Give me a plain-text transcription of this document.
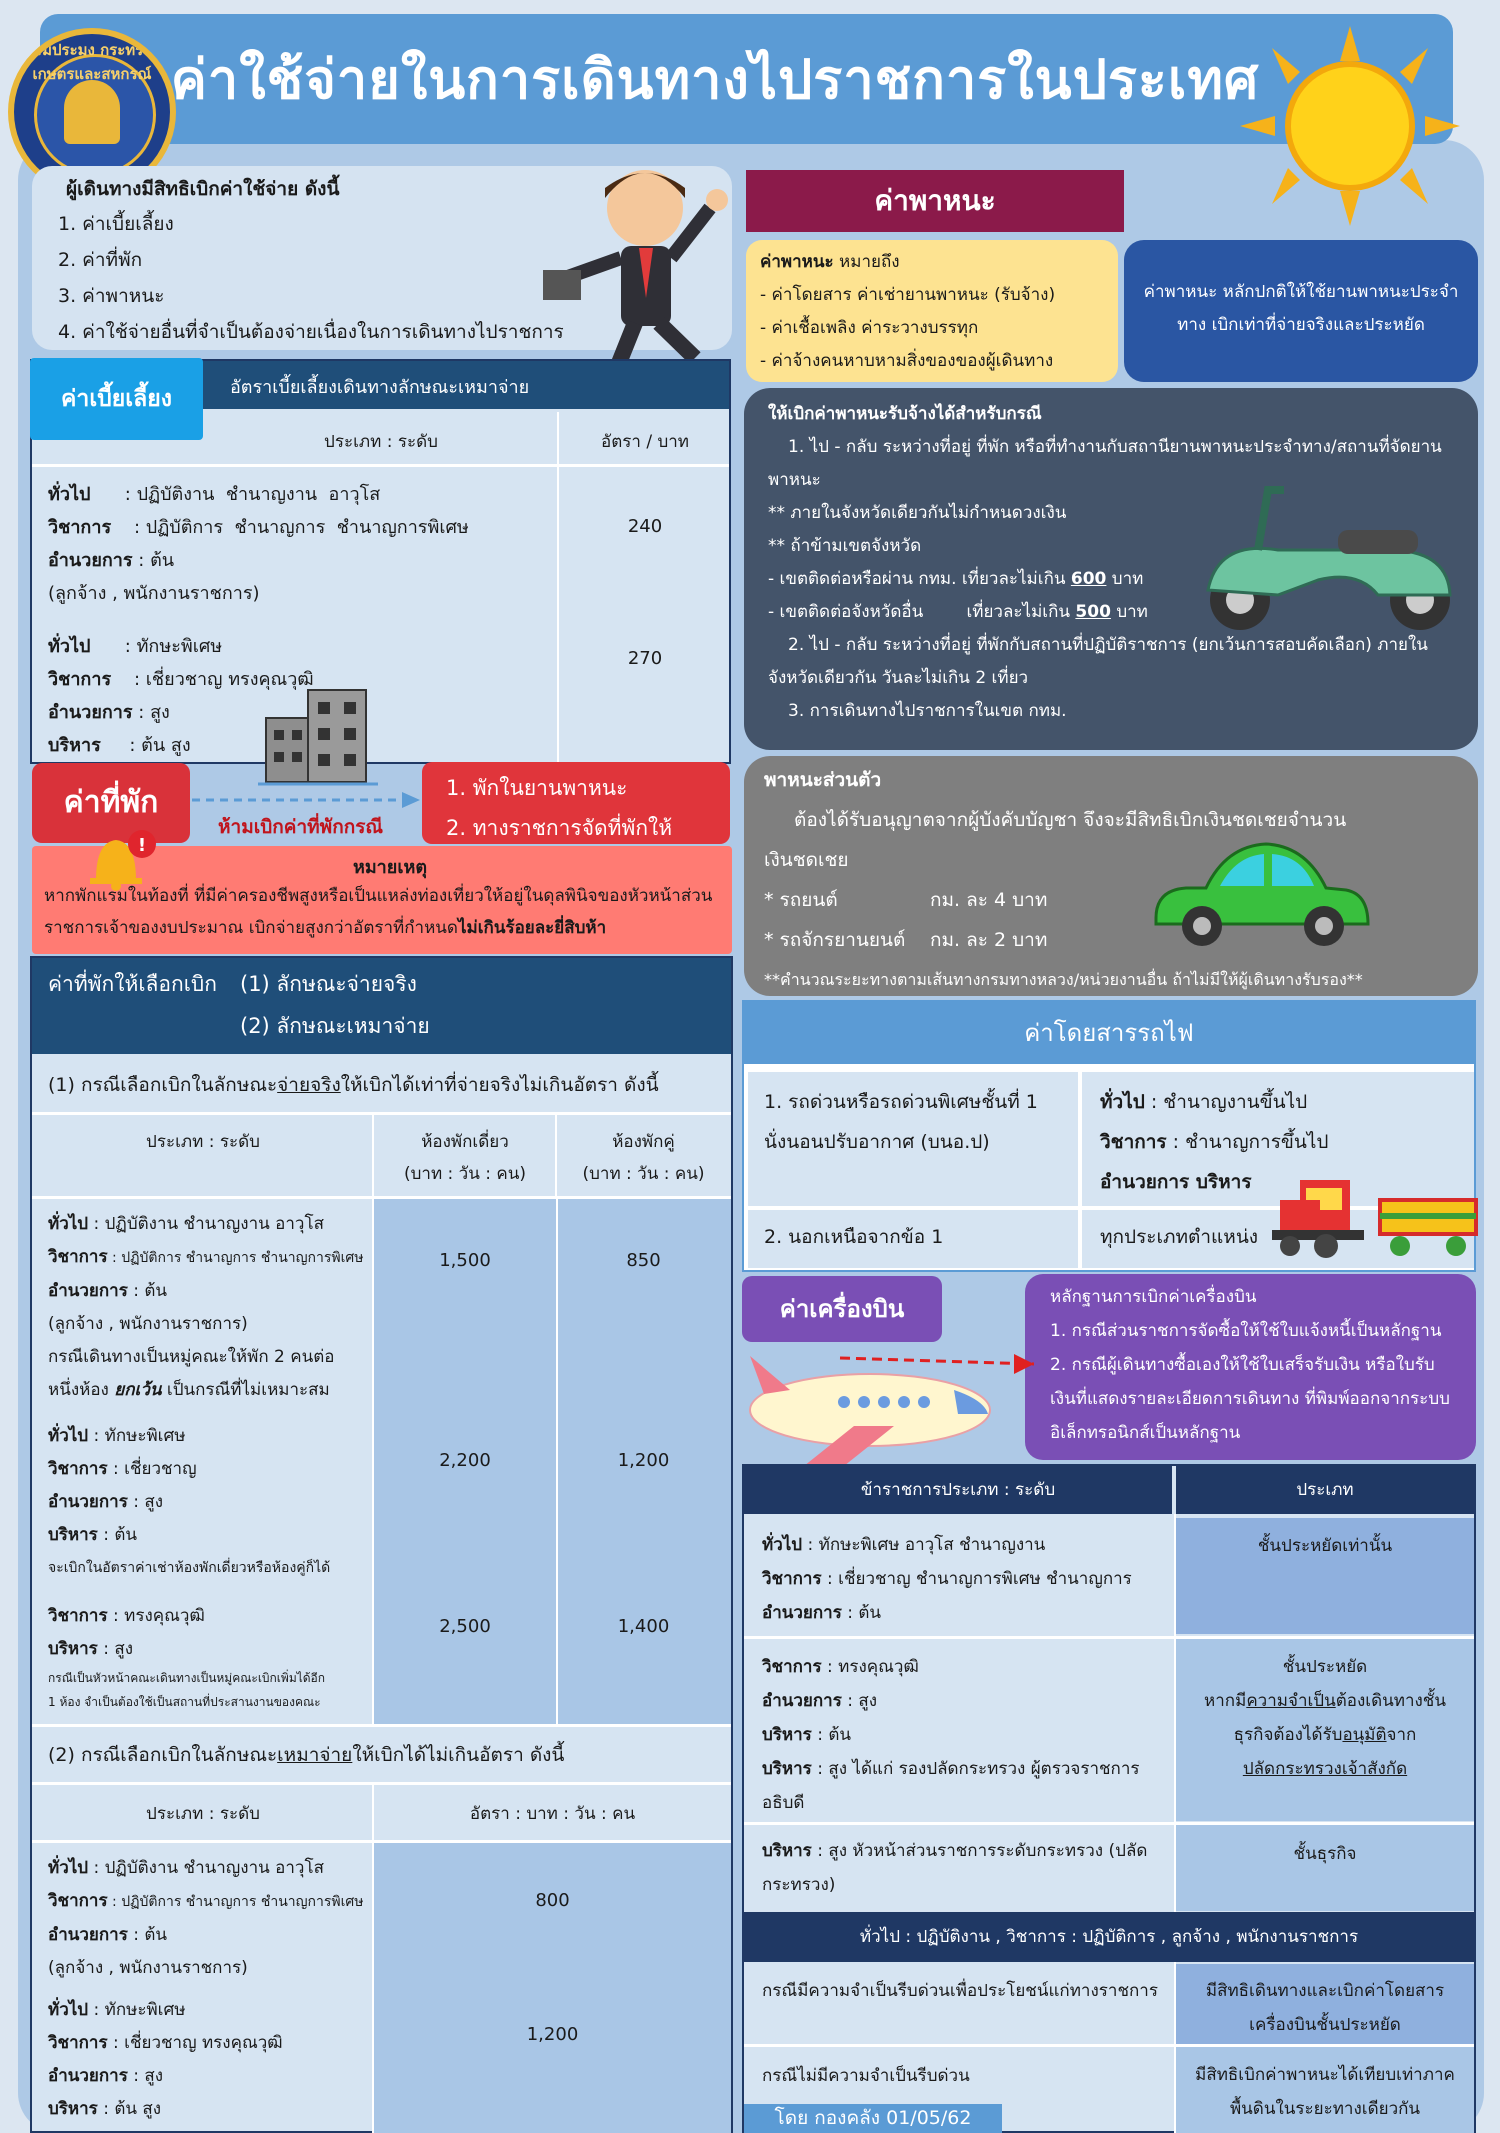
ค่าใช้จ่ายในการเดินทางไปราชการในประเทศ
กรมประมง กระทรวงเกษตรและสหกรณ์
ผู้เดินทางมีสิทธิเบิกค่าใช้จ่าย ดังนี้
1. ค่าเบี้ยเลี้ยง
2. ค่าที่พัก
3. ค่าพาหนะ
4. ค่าใช้จ่ายอื่นที่จำเป็นต้องจ่ายเนื่องในการเดินทางไปราชการ
ค่าเบี้ยเลี้ยง	อัตราเบี้ยเลี้ยงเดินทางลักษณะเหมาจ่าย
ประเภท : ระดับ	อัตรา / บาท
ทั่วไป      : ปฏิบัติงาน  ชำนาญงาน  อาวุโส
วิชาการ    : ปฏิบัติการ  ชำนาญการ  ชำนาญการพิเศษ
อำนวยการ : ต้น
(ลูกจ้าง , พนักงานราชการ)
240
ทั่วไป      : ทักษะพิเศษ
วิชาการ    : เชี่ยวชาญ ทรงคุณวุฒิ
อำนวยการ : สูง
บริหาร     : ต้น สูง
270
ค่าที่พัก
ห้ามเบิกค่าที่พักกรณี
1. พักในยานพาหนะ
2. ทางราชการจัดที่พักให้
!
หมายเหตุ
หากพักแรมในท้องที่ ที่มีค่าครองชีพสูงหรือเป็นแหล่งท่องเที่ยวให้อยู่ในดุลพินิจของหัวหน้าส่วนราชการเจ้าของงบประมาณ เบิกจ่ายสูงกว่าอัตราที่กำหนดไม่เกินร้อยละยี่สิบห้า
ค่าที่พักให้เลือกเบิก (1) ลักษณะจ่ายจริง
(2) ลักษณะเหมาจ่าย
(1) กรณีเลือกเบิกในลักษณะจ่ายจริงให้เบิกได้เท่าที่จ่ายจริงไม่เกินอัตรา ดังนี้
ประเภท : ระดับ	ห้องพักเดี่ยว
(บาท : วัน : คน)
ห้องพักคู่
(บาท : วัน : คน)
ทั่วไป : ปฏิบัติงาน ชำนาญงาน อาวุโส
วิชาการ : ปฏิบัติการ ชำนาญการ ชำนาญการพิเศษ
อำนวยการ : ต้น
(ลูกจ้าง , พนักงานราชการ)
กรณีเดินทางเป็นหมู่คณะให้พัก 2 คนต่อ
หนึ่งห้อง ยกเว้น เป็นกรณีที่ไม่เหมาะสม
1,500	850
ทั่วไป : ทักษะพิเศษ
วิชาการ : เชี่ยวชาญ
อำนวยการ : สูง
บริหาร : ต้น
จะเบิกในอัตราค่าเช่าห้องพักเดี่ยวหรือห้องคู่ก็ได้
2,200	1,200
วิชาการ : ทรงคุณวุฒิ
บริหาร : สูง
กรณีเป็นหัวหน้าคณะเดินทางเป็นหมู่คณะเบิกเพิ่มได้อีก
1 ห้อง จำเป็นต้องใช้เป็นสถานที่ประสานงานของคณะ
2,500	1,400
(2) กรณีเลือกเบิกในลักษณะเหมาจ่ายให้เบิกได้ไม่เกินอัตรา ดังนี้
ประเภท : ระดับ	อัตรา : บาท : วัน : คน
ทั่วไป : ปฏิบัติงาน ชำนาญงาน อาวุโส
วิชาการ : ปฏิบัติการ ชำนาญการ ชำนาญการพิเศษ
อำนวยการ : ต้น
(ลูกจ้าง , พนักงานราชการ)
800
ทั่วไป : ทักษะพิเศษ
วิชาการ : เชี่ยวชาญ ทรงคุณวุฒิ
อำนวยการ : สูง
บริหาร : ต้น สูง
1,200
ค่าพาหนะ
ค่าพาหนะ หมายถึง
- ค่าโดยสาร ค่าเช่ายานพาหนะ (รับจ้าง)
- ค่าเชื้อเพลิง ค่าระวางบรรทุก
- ค่าจ้างคนหาบหามสิ่งของของผู้เดินทาง
ค่าพาหนะ หลักปกติให้ใช้ยานพาหนะประจำทาง เบิกเท่าที่จ่ายจริงและประหยัด
ให้เบิกค่าพาหนะรับจ้างได้สำหรับกรณี
1. ไป - กลับ ระหว่างที่อยู่ ที่พัก หรือที่ทำงานกับสถานียานพาหนะประจำทาง/สถานที่จัดยานพาหนะ
** ภายในจังหวัดเดียวกันไม่กำหนดวงเงิน
** ถ้าข้ามเขตจังหวัด
- เขตติดต่อหรือผ่าน กทม. เที่ยวละไม่เกิน 600 บาท
- เขตติดต่อจังหวัดอื่น        เที่ยวละไม่เกิน 500 บาท
2. ไป - กลับ ระหว่างที่อยู่ ที่พักกับสถานที่ปฏิบัติราชการ (ยกเว้นการสอบคัดเลือก) ภายในจังหวัดเดียวกัน วันละไม่เกิน 2 เที่ยว
3. การเดินทางไปราชการในเขต กทม.
พาหนะส่วนตัว
ต้องได้รับอนุญาตจากผู้บังคับบัญชา จึงจะมีสิทธิเบิกเงินชดเชยจำนวนเงินชดเชย
* รถยนต์	กม. ละ 4 บาท
* รถจักรยานยนต์ กม. ละ 2 บาท
**คำนวณระยะทางตามเส้นทางกรมทางหลวง/หน่วยงานอื่น ถ้าไม่มีให้ผู้เดินทางรับรอง**
ค่าโดยสารรถไฟ
1. รถด่วนหรือรถด่วนพิเศษชั้นที่ 1 นั่งนอนปรับอากาศ (บนอ.ป)
ทั่วไป : ชำนาญงานขึ้นไป
วิชาการ : ชำนาญการขึ้นไป
อำนวยการ บริหาร
2. นอกเหนือจากข้อ 1	ทุกประเภทตำแหน่ง
ค่าเครื่องบิน	หลักฐานการเบิกค่าเครื่องบิน
1. กรณีส่วนราชการจัดซื้อให้ใช้ใบแจ้งหนี้เป็นหลักฐาน
2. กรณีผู้เดินทางซื้อเองให้ใช้ใบเสร็จรับเงิน หรือใบรับเงินที่แสดงรายละเอียดการเดินทาง ที่พิมพ์ออกจากระบบอิเล็กทรอนิกส์เป็นหลักฐาน
ข้าราชการประเภท : ระดับ	ประเภท
ทั่วไป : ทักษะพิเศษ อาวุโส ชำนาญงาน
วิชาการ : เชี่ยวชาญ ชำนาญการพิเศษ ชำนาญการ
อำนวยการ : ต้น
ชั้นประหยัดเท่านั้น
วิชาการ : ทรงคุณวุฒิ
อำนวยการ : สูง
บริหาร : ต้น
บริหาร : สูง ได้แก่ รองปลัดกระทรวง ผู้ตรวจราชการอธิบดี
ชั้นประหยัด
หากมีความจำเป็นต้องเดินทางชั้น
ธุรกิจต้องได้รับอนุมัติจาก
ปลัดกระทรวงเจ้าสังกัด
บริหาร : สูง หัวหน้าส่วนราชการระดับกระทรวง (ปลัดกระทรวง)
ชั้นธุรกิจ
ทั่วไป : ปฏิบัติงาน , วิชาการ : ปฏิบัติการ , ลูกจ้าง , พนักงานราชการ
กรณีมีความจำเป็นรีบด่วนเพื่อประโยชน์แก่ทางราชการ	มีสิทธิเดินทางและเบิกค่าโดยสารเครื่องบินชั้นประหยัด
กรณีไม่มีความจำเป็นรีบด่วน	มีสิทธิเบิกค่าพาหนะได้เทียบเท่าภาคพื้นดินในระยะทางเดียวกัน
โดย กองคลัง 01/05/62
